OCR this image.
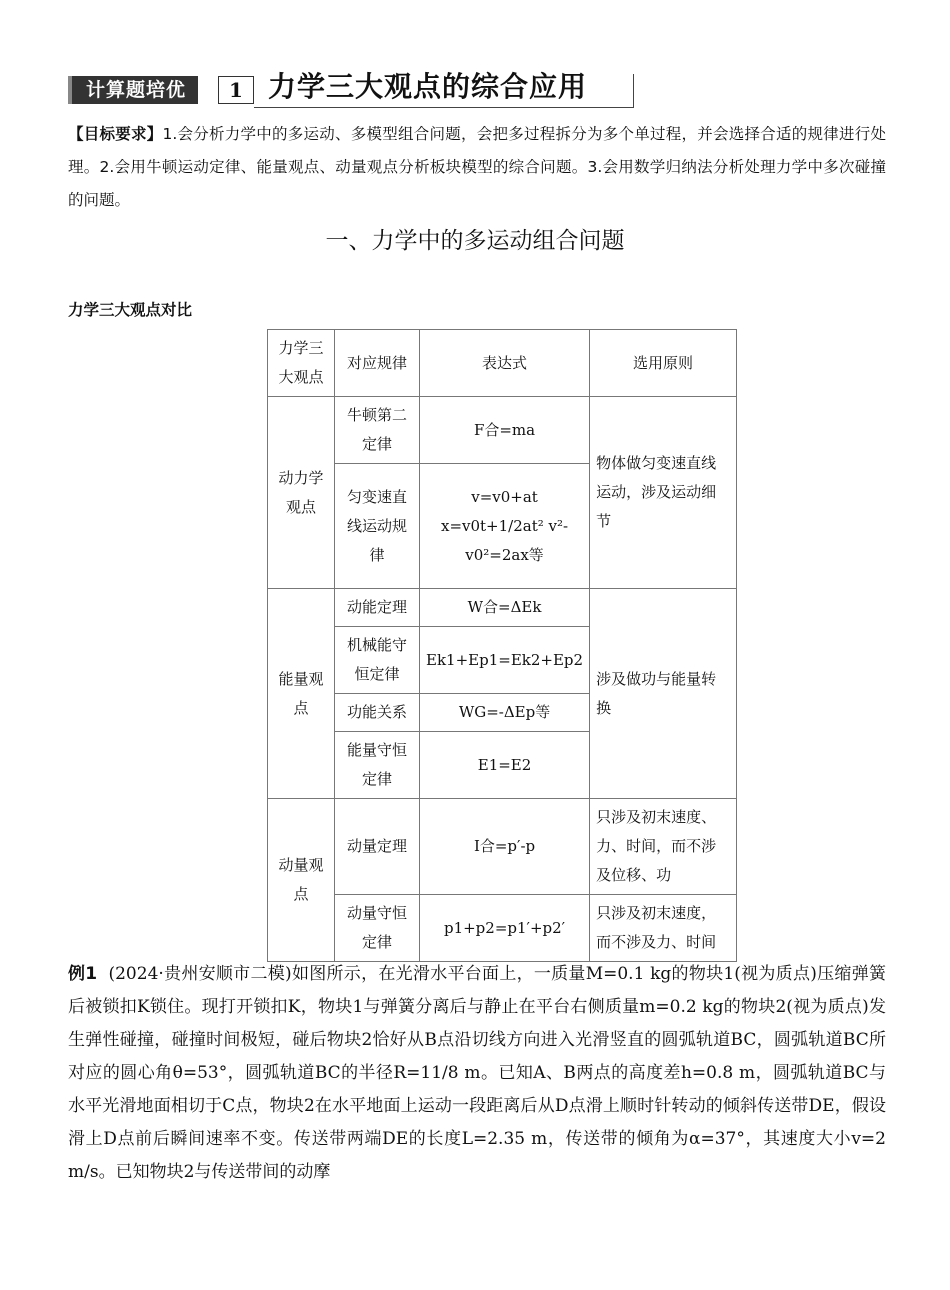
计算题培优	1 力学三大观点的综合应用
【目标要求】1.会分析力学中的多运动、多模型组合问题，会把多过程拆分为多个单过程，并会选择合适的规律进行处理。2.会用牛顿运动定律、能量观点、动量观点分析板块模型的综合问题。3.会用数学归纳法分析处理力学中多次碰撞的问题。
一、力学中的多运动组合问题
力学三大观点对比
力学三大观点	对应规律	表达式	选用原则
动力学观点	牛顿第二定律	F合=ma	物体做匀变速直线运动，涉及运动细节
	匀变速直线运动规律	v=v0+at x=v0t+1/2at² v²-v0²=2ax等	
能量观点	动能定理	W合=ΔEk	涉及做功与能量转换
	机械能守恒定律	Ek1+Ep1=Ek2+Ep2	
	功能关系	WG=-ΔEp等	
	能量守恒定律	E1=E2	
动量观点	动量定理	I合=p′-p	只涉及初末速度、力、时间，而不涉及位移、功
	动量守恒定律	p1+p2=p1′+p2′	只涉及初末速度，而不涉及力、时间
例1 (2024·贵州安顺市二模)如图所示，在光滑水平台面上，一质量M=0.1 kg的物块1(视为质点)压缩弹簧后被锁扣K锁住。现打开锁扣K，物块1与弹簧分离后与静止在平台右侧质量m=0.2 kg的物块2(视为质点)发生弹性碰撞，碰撞时间极短，碰后物块2恰好从B点沿切线方向进入光滑竖直的圆弧轨道BC，圆弧轨道BC所对应的圆心角θ=53°，圆弧轨道BC的半径R=11/8 m。已知A、B两点的高度差h=0.8 m，圆弧轨道BC与水平光滑地面相切于C点，物块2在水平地面上运动一段距离后从D点滑上顺时针转动的倾斜传送带DE，假设滑上D点前后瞬间速率不变。传送带两端DE的长度L=2.35 m，传送带的倾角为α=37°，其速度大小v=2 m/s。已知物块2与传送带间的动摩
